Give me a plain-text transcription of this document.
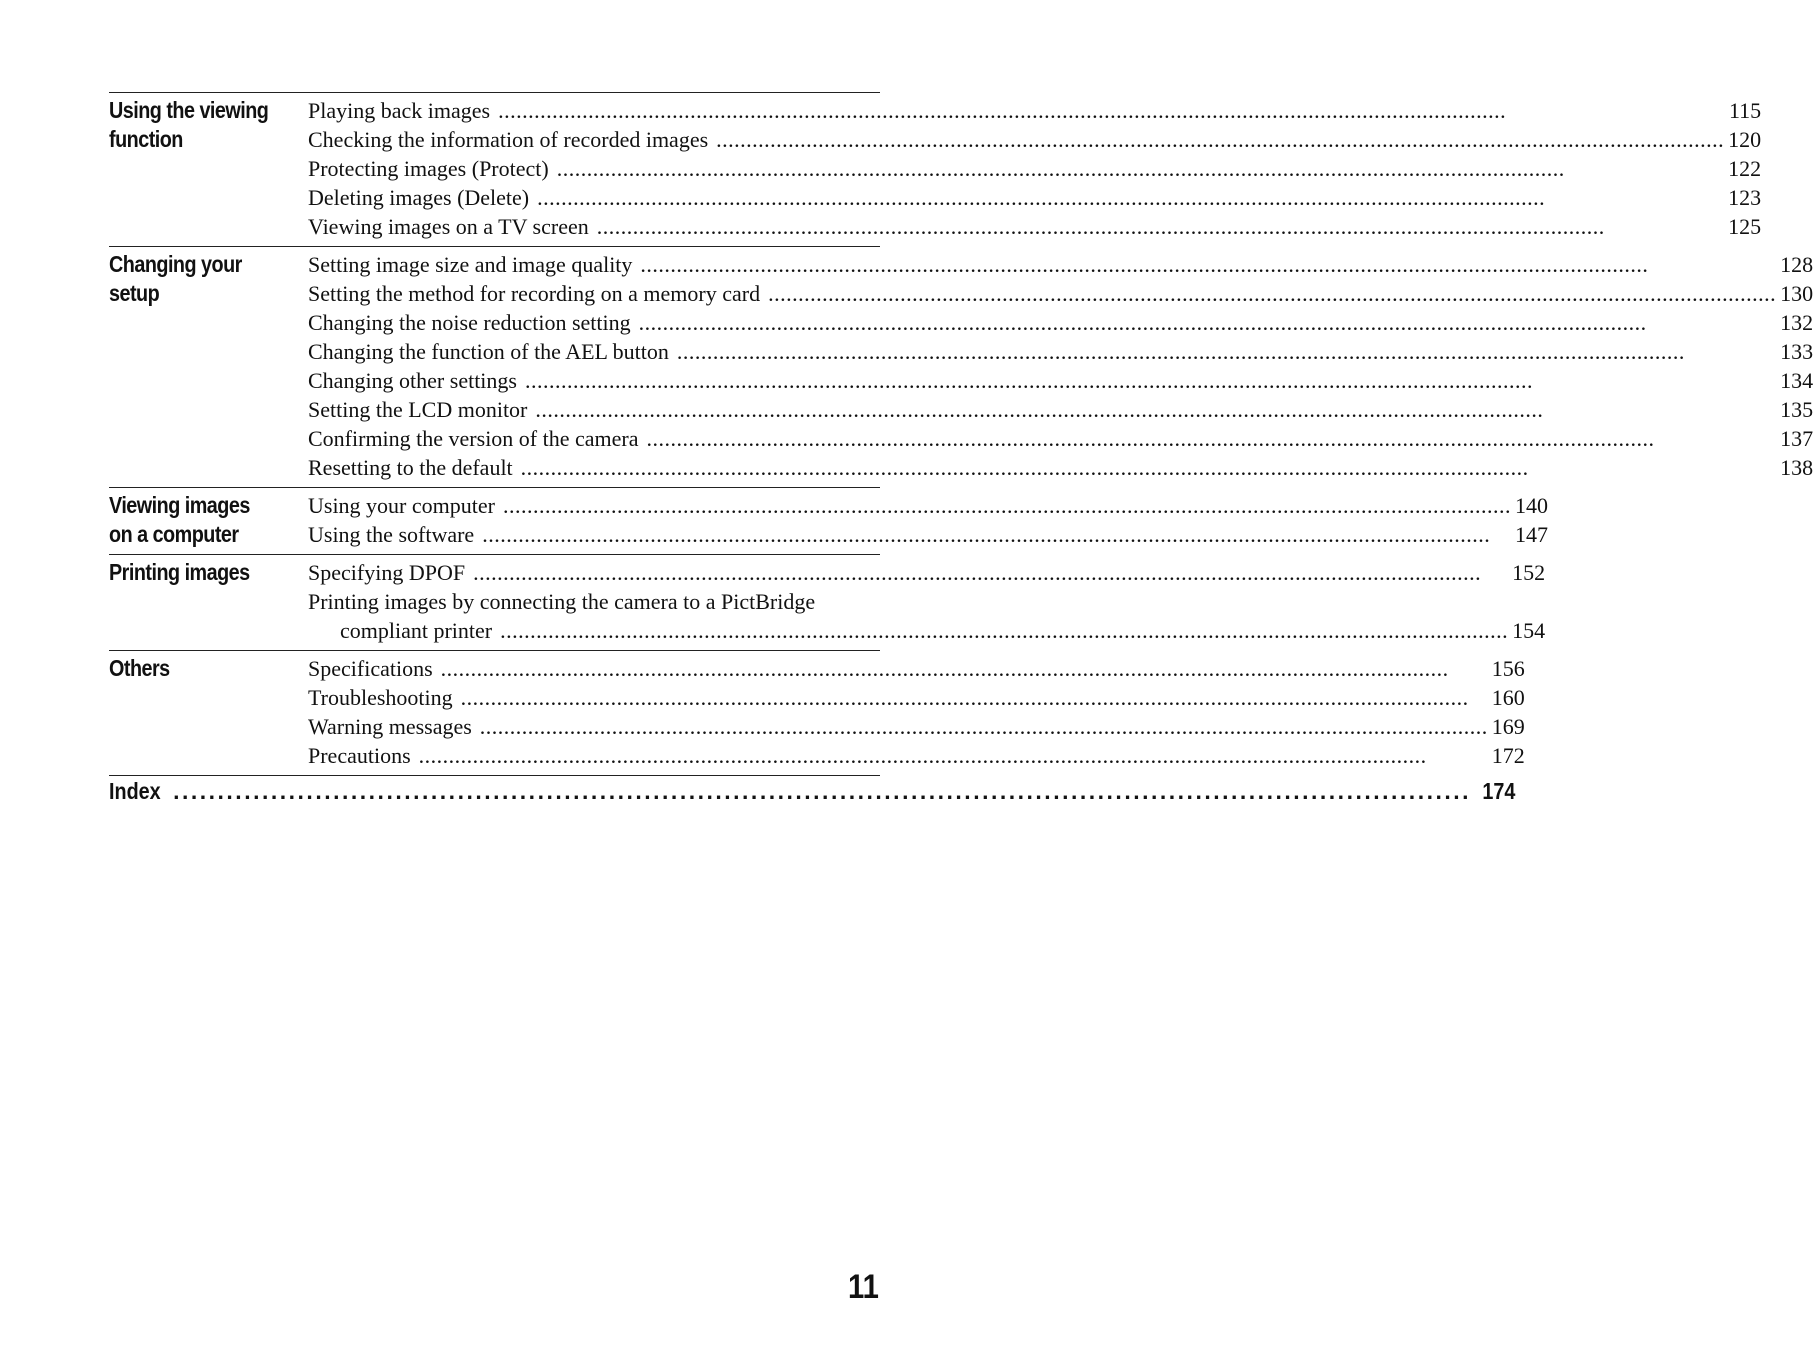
Using the viewing
function
Playing back images .....	115
Checking the information of recorded images .....	120
Protecting images (Protect) .....	122
Deleting images (Delete) .....	123
Viewing images on a TV screen .....	125
Changing your
setup
Setting image size and image quality .....	128
Setting the method for recording on a memory card .....	130
Changing the noise reduction setting .....	132
Changing the function of the AEL button .....	133
Changing other settings .....	134
Setting the LCD monitor .....	135
Confirming the version of the camera .....	137
Resetting to the default .....	138
Viewing images
on a computer
Using your computer .....	140
Using the software .....	147
Printing images	Specifying DPOF .....	152
Printing images by connecting the camera to a PictBridge
compliant printer .....	154
Others	Specifications .....	156
Troubleshooting .....	160
Warning messages .....	169
Precautions .....	172
Index .....	174
11
